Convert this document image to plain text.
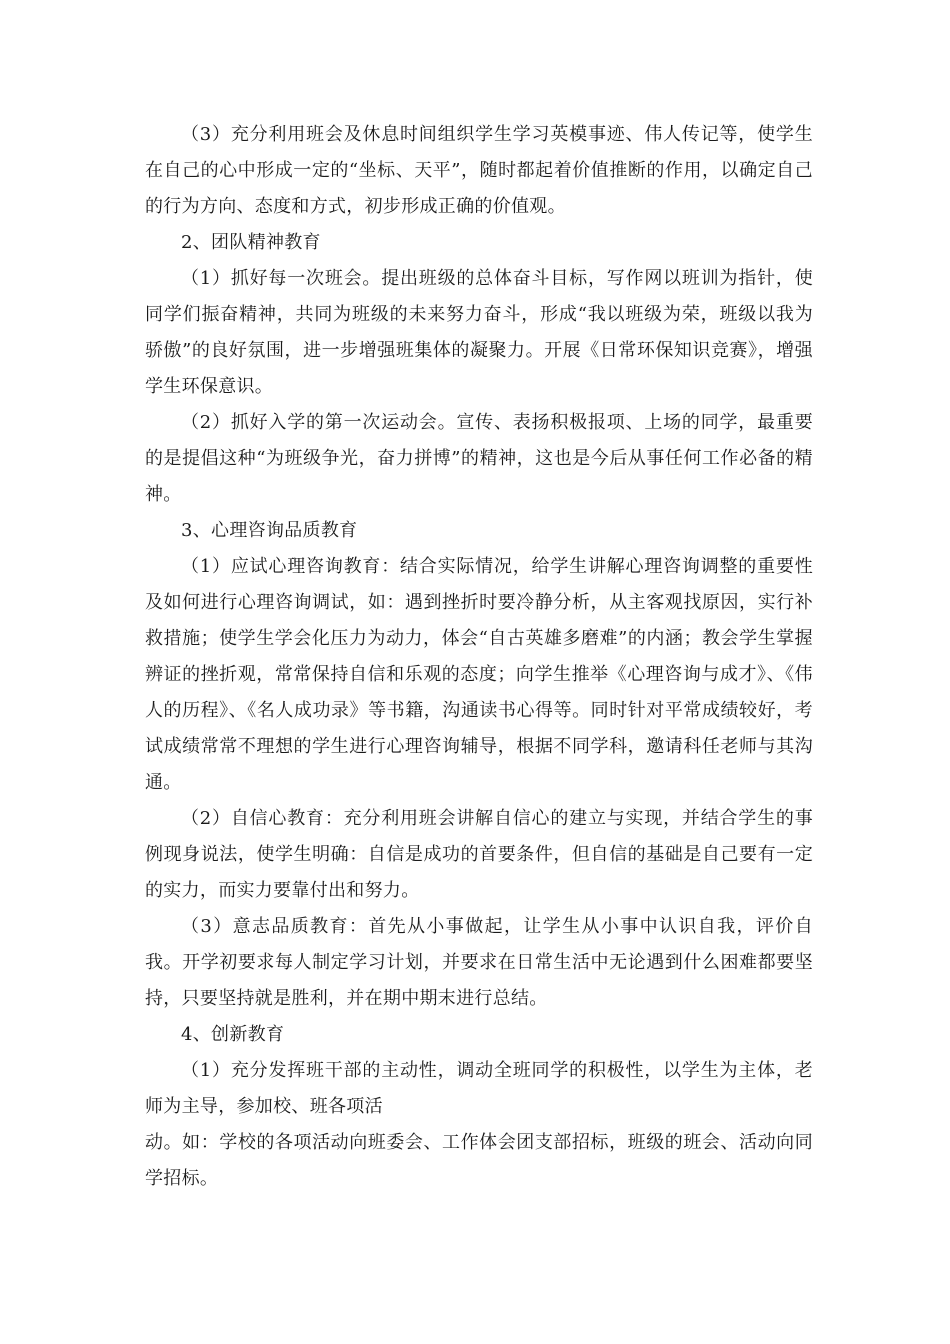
（3）充分利用班会及休息时间组织学生学习英模事迹、伟人传记等，使学生在自己的心中形成一定的“坐标、天平”，随时都起着价值推断的作用，以确定自己的行为方向、态度和方式，初步形成正确的价值观。

2、团队精神教育

（1）抓好每一次班会。提出班级的总体奋斗目标，写作网以班训为指针，使同学们振奋精神，共同为班级的未来努力奋斗，形成“我以班级为荣，班级以我为骄傲”的良好氛围，进一步增强班集体的凝聚力。开展《日常环保知识竞赛》，增强学生环保意识。

（2）抓好入学的第一次运动会。宣传、表扬积极报项、上场的同学，最重要的是提倡这种“为班级争光，奋力拼博”的精神，这也是今后从事任何工作必备的精神。

3、心理咨询品质教育

（1）应试心理咨询教育：结合实际情况，给学生讲解心理咨询调整的重要性及如何进行心理咨询调试，如：遇到挫折时要冷静分析，从主客观找原因，实行补救措施；使学生学会化压力为动力，体会“自古英雄多磨难”的内涵；教会学生掌握辨证的挫折观，常常保持自信和乐观的态度；向学生推举《心理咨询与成才》、《伟人的历程》、《名人成功录》等书籍，沟通读书心得等。同时针对平常成绩较好，考试成绩常常不理想的学生进行心理咨询辅导，根据不同学科，邀请科任老师与其沟通。

（2）自信心教育：充分利用班会讲解自信心的建立与实现，并结合学生的事例现身说法，使学生明确：自信是成功的首要条件，但自信的基础是自己要有一定的实力，而实力要靠付出和努力。

（3）意志品质教育：首先从小事做起，让学生从小事中认识自我，评价自我。开学初要求每人制定学习计划，并要求在日常生活中无论遇到什么困难都要坚持，只要坚持就是胜利，并在期中期末进行总结。

4、创新教育

（1）充分发挥班干部的主动性，调动全班同学的积极性，以学生为主体，老师为主导，参加校、班各项活

动。如：学校的各项活动向班委会、工作体会团支部招标，班级的班会、活动向同学招标。
